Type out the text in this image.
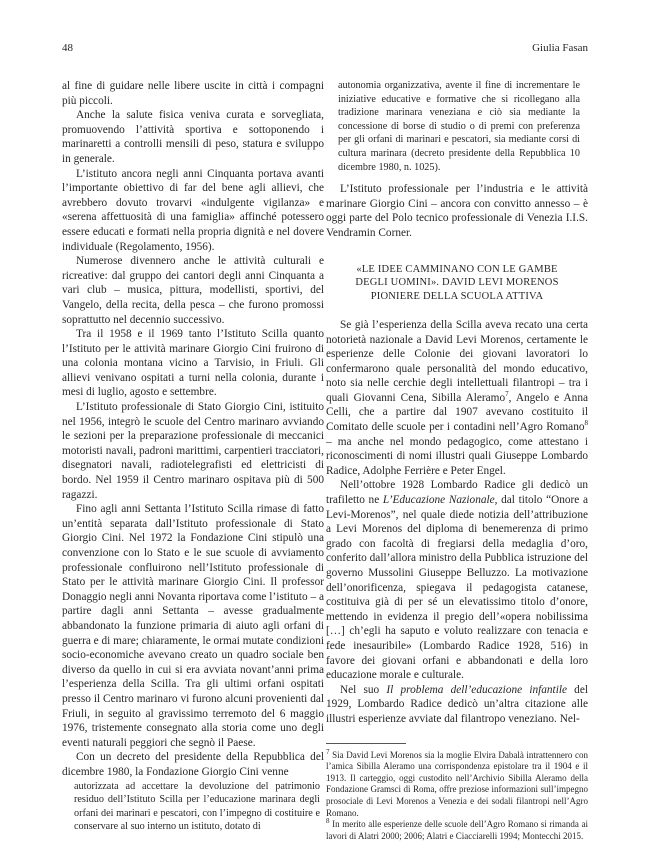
48	Giulia Fasan

al fine di guidare nelle libere uscite in città i compagni più piccoli.

Anche la salute fisica veniva curata e sorvegliata, promuovendo l’attività sportiva e sottoponendo i marinaretti a controlli mensili di peso, statura e sviluppo in generale.

L’istituto ancora negli anni Cinquanta portava avanti l’importante obiettivo di far del bene agli allievi, che avrebbero dovuto trovarvi «indulgente vigilanza» e «serena affettuosità di una famiglia» affinché potessero essere educati e formati nella propria dignità e nel dovere individuale (Regolamento, 1956).

Numerose divennero anche le attività culturali e ricreative: dal gruppo dei cantori degli anni Cinquanta a vari club – musica, pittura, modellisti, sportivi, del Vangelo, della recita, della pesca – che furono promossi soprattutto nel decennio successivo.

Tra il 1958 e il 1969 tanto l’Istituto Scilla quanto l’Istituto per le attività marinare Giorgio Cini fruirono di una colonia montana vicino a Tarvisio, in Friuli. Gli allievi venivano ospitati a turni nella colonia, durante i mesi di luglio, agosto e settembre.

L’Istituto professionale di Stato Giorgio Cini, istituito nel 1956, integrò le scuole del Centro marinaro avviando le sezioni per la preparazione professionale di meccanici motoristi navali, padroni marittimi, carpentieri tracciatori, disegnatori navali, radiotelegrafisti ed elettricisti di bordo. Nel 1959 il Centro marinaro ospitava più di 500 ragazzi.

Fino agli anni Settanta l’Istituto Scilla rimase di fatto un’entità separata dall’Istituto professionale di Stato Giorgio Cini. Nel 1972 la Fondazione Cini stipulò una convenzione con lo Stato e le sue scuole di avviamento professionale confluirono nell’Istituto professionale di Stato per le attività marinare Giorgio Cini. Il professor Donaggio negli anni Novanta riportava come l’istituto – a partire dagli anni Settanta – avesse gradualmente abbandonato la funzione primaria di aiuto agli orfani di guerra e di mare; chiaramente, le ormai mutate condizioni socio-economiche avevano creato un quadro sociale ben diverso da quello in cui si era avviata novant’anni prima l’esperienza della Scilla. Tra gli ultimi orfani ospitati presso il Centro marinaro vi furono alcuni provenienti dal Friuli, in seguito al gravissimo terremoto del 6 maggio 1976, tristemente consegnato alla storia come uno degli eventi naturali peggiori che segnò il Paese.

Con un decreto del presidente della Repubblica del dicembre 1980, la Fondazione Giorgio Cini venne

autorizzata ad accettare la devoluzione del patrimonio residuo dell’Istituto Scilla per l’educazione marinara degli orfani dei marinari e pescatori, con l’impegno di costituire e conservare al suo interno un istituto, dotato di

autonomia organizzativa, avente il fine di incrementare le iniziative educative e formative che si ricollegano alla tradizione marinara veneziana e ciò sia mediante la concessione di borse di studio o di premi con preferenza per gli orfani di marinari e pescatori, sia mediante corsi di cultura marinara (decreto presidente della Repubblica 10 dicembre 1980, n. 1025).

L’Istituto professionale per l’industria e le attività marinare Giorgio Cini – ancora con convitto annesso – è oggi parte del Polo tecnico professionale di Venezia I.I.S. Vendramin Corner.

«LE IDEE CAMMINANO CON LE GAMBE
DEGLI UOMINI». DAVID LEVI MORENOS
PIONIERE DELLA SCUOLA ATTIVA

Se già l’esperienza della Scilla aveva recato una certa notorietà nazionale a David Levi Morenos, certamente le esperienze delle Colonie dei giovani lavoratori lo confermarono quale personalità del mondo educativo, noto sia nelle cerchie degli intellettuali filantropi – tra i quali Giovanni Cena, Sibilla Aleramo$^7$, Angelo e Anna Celli, che a partire dal 1907 avevano costituito il Comitato delle scuole per i contadini nell’Agro Romano$^8$ – ma anche nel mondo pedagogico, come attestano i riconoscimenti di nomi illustri quali Giuseppe Lombardo Radice, Adolphe Ferrière e Peter Engel.

Nell’ottobre 1928 Lombardo Radice gli dedicò un trafiletto ne L’Educazione Nazionale, dal titolo “Onore a Levi-Morenos”, nel quale diede notizia dell’attribuzione a Levi Morenos del diploma di benemerenza di primo grado con facoltà di fregiarsi della medaglia d’oro, conferito dall’allora ministro della Pubblica istruzione del governo Mussolini Giuseppe Belluzzo. La motivazione dell’onorificenza, spiegava il pedagogista catanese, costituiva già di per sé un elevatissimo titolo d’onore, mettendo in evidenza il pregio dell’«opera nobilissima […] ch’egli ha saputo e voluto realizzare con tenacia e fede inesauribile» (Lombardo Radice 1928, 516) in favore dei giovani orfani e abbandonati e della loro educazione morale e culturale.

Nel suo Il problema dell’educazione infantile del 1929, Lombardo Radice dedicò un’altra citazione alle illustri esperienze avviate dal filantropo veneziano. Nel-

$^7$ Sia David Levi Morenos sia la moglie Elvira Dabalà intrattennero con l’amica Sibilla Aleramo una corrispondenza epistolare tra il 1904 e il 1913. Il carteggio, oggi custodito nell’Archivio Sibilla Aleramo della Fondazione Gramsci di Roma, offre preziose informazioni sull’impegno prosociale di Levi Morenos a Venezia e dei sodali filantropi nell’Agro Romano.

$^8$ In merito alle esperienze delle scuole dell’Agro Romano si rimanda ai lavori di Alatri 2000; 2006; Alatri e Ciacciarelli 1994; Montecchi 2015.
